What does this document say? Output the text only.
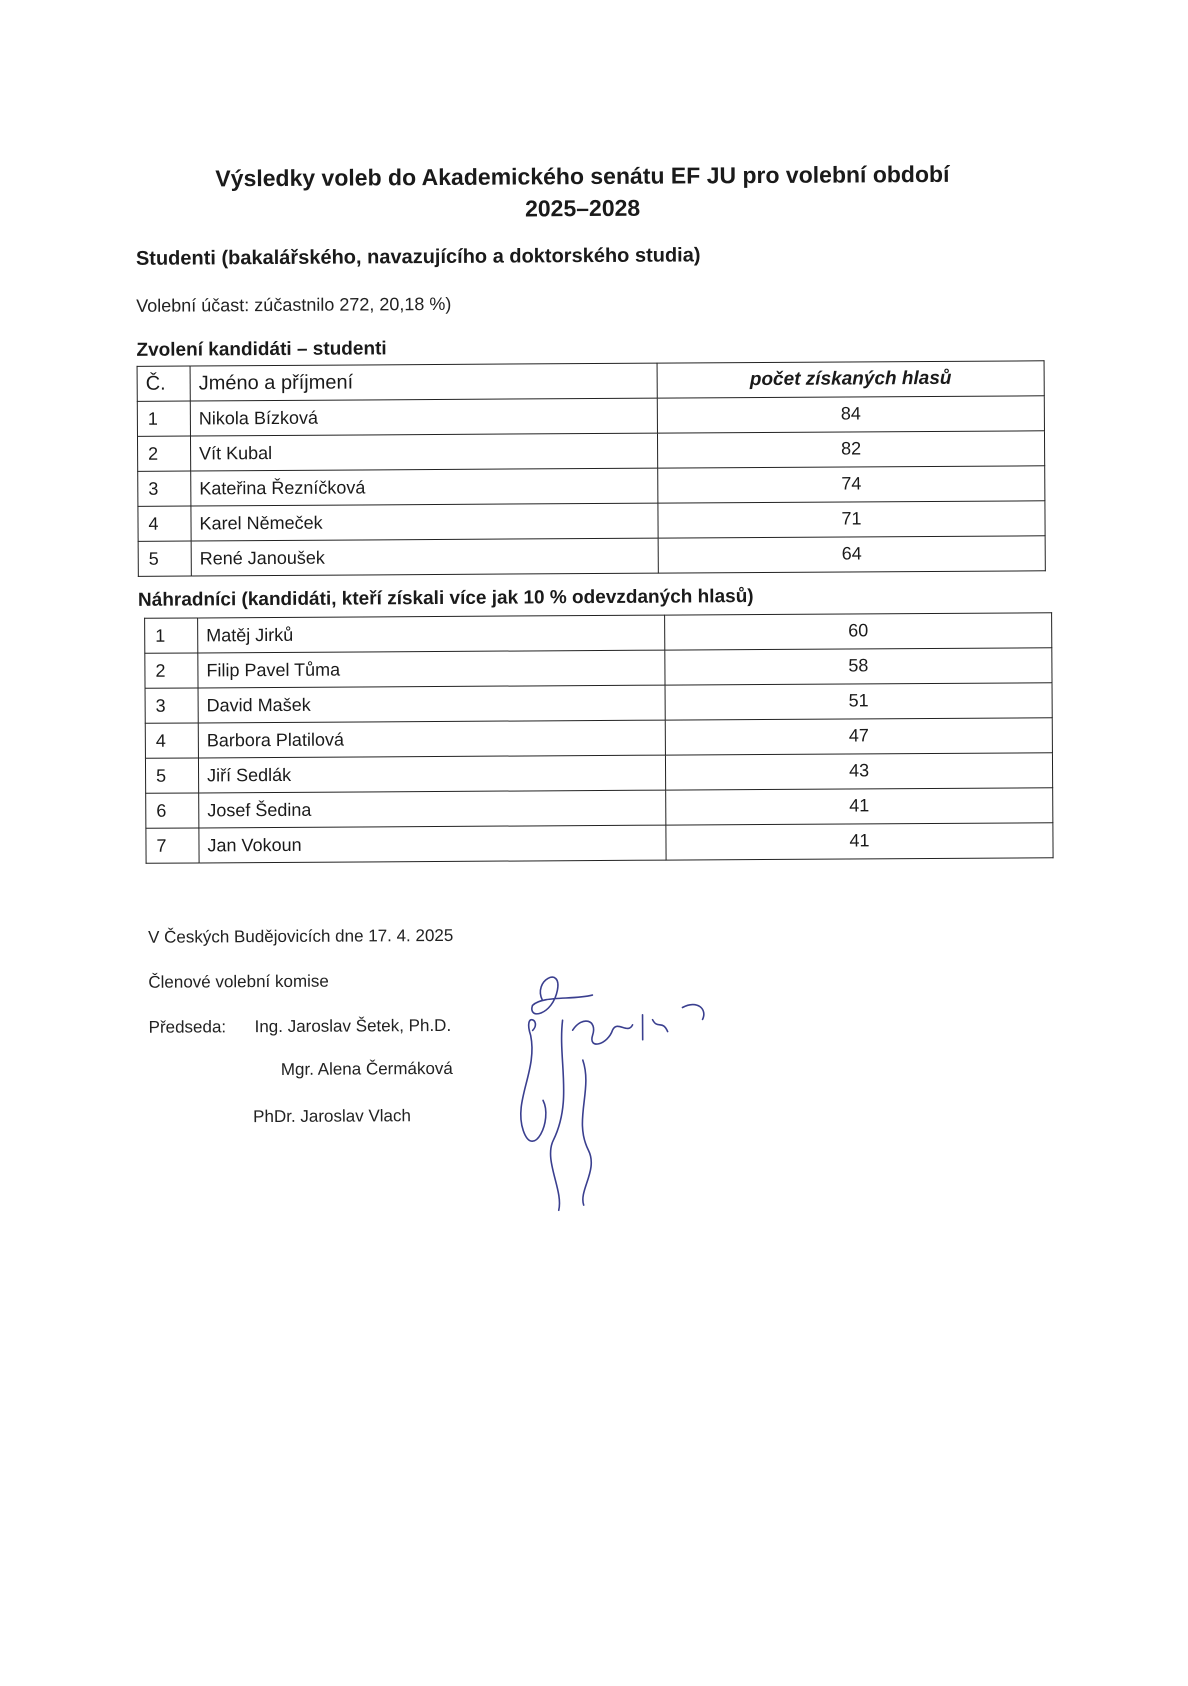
Výsledky voleb do Akademického senátu EF JU pro volební období
2025–2028
Studenti (bakalářského, navazujícího a doktorského studia)
Volební účast: zúčastnilo 272, 20,18 %)
Zvolení kandidáti – studenti
Č.	Jméno a příjmení	počet získaných hlasů
1	Nikola Bízková	84
2	Vít Kubal	82
3	Kateřina Řezníčková	74
4	Karel Němeček	71
5	René Janoušek	64
Náhradníci (kandidáti, kteří získali více jak 10 % odevzdaných hlasů)
1	Matěj Jirků	60
2	Filip Pavel Tůma	58
3	David Mašek	51
4	Barbora Platilová	47
5	Jiří Sedlák	43
6	Josef Šedina	41
7	Jan Vokoun	41
V Českých Budějovicích dne 17. 4. 2025
Členové volební komise
Předseda: Ing. Jaroslav Šetek, Ph.D.
Mgr. Alena Čermáková
PhDr. Jaroslav Vlach
